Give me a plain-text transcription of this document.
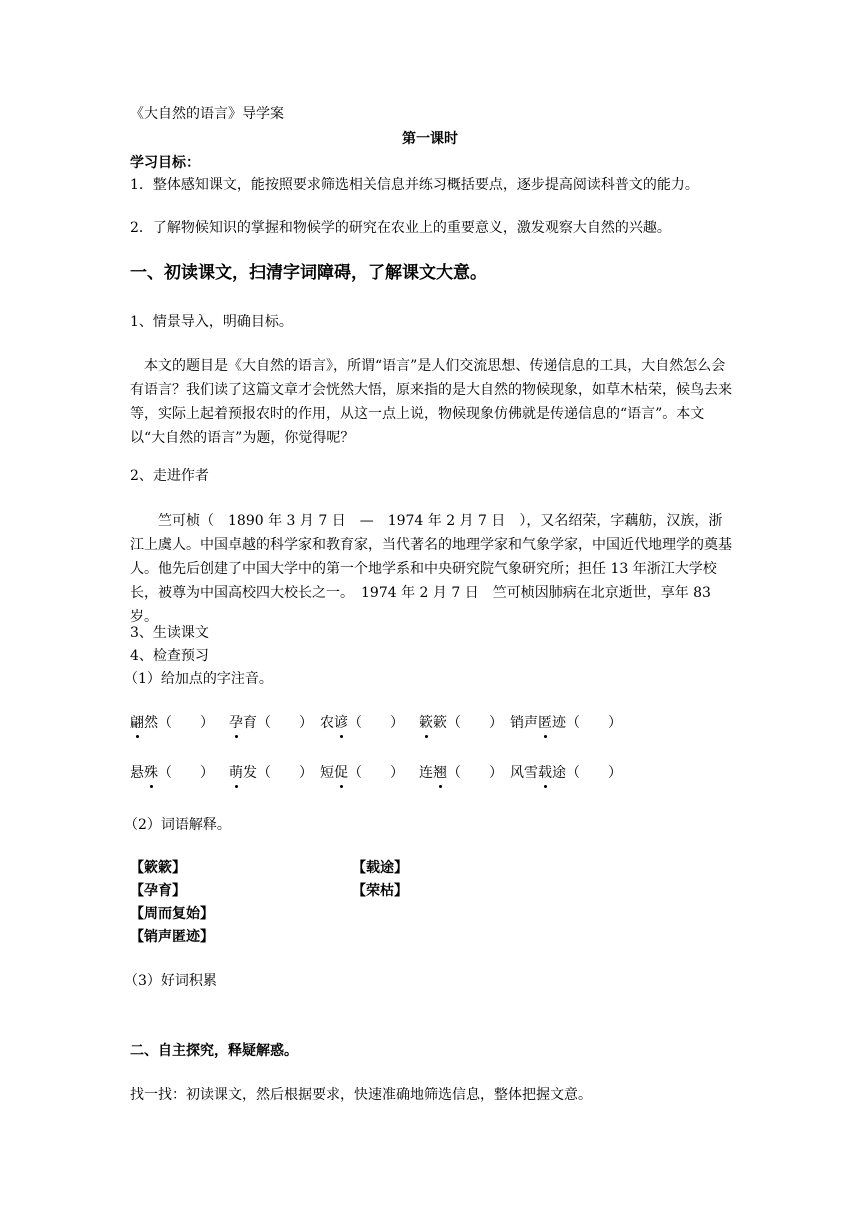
《大自然的语言》导学案
第一课时
学习目标：
1．整体感知课文，能按照要求筛选相关信息并练习概括要点，逐步提高阅读科普文的能力。
2．了解物候知识的掌握和物候学的研究在农业上的重要意义，激发观察大自然的兴趣。
一、初读课文，扫清字词障碍，了解课文大意。
1、情景导入，明确目标。
本文的题目是《大自然的语言》，所谓“语言”是人们交流思想、传递信息的工具，大自然怎么会有语言？我们读了这篇文章才会恍然大悟，原来指的是大自然的物候现象，如草木枯荣，候鸟去来等，实际上起着预报农时的作用，从这一点上说，物候现象仿佛就是传递信息的“语言”。本文以“大自然的语言”为题，你觉得呢？
2、走进作者
竺可桢（　1890 年 3 月 7 日　—　1974 年 2 月 7 日　），又名绍荣，字藕舫，汉族，浙江上虞人。中国卓越的科学家和教育家，当代著名的地理学家和气象学家，中国近代地理学的奠基人。他先后创建了中国大学中的第一个地学系和中央研究院气象研究所；担任 13 年浙江大学校长，被尊为中国高校四大校长之一。　1974 年 2 月 7 日　竺可桢因肺病在北京逝世，享年 83 岁。
3、生读课文
4、检查预习
（1）给加点的字注音。
翩然（　　） 孕育（　　） 农谚（　　） 簌簌（　　） 销声匿迹（　　）
悬殊（　　） 萌发（　　） 短促（　　） 连翘（　　） 风雪载途（　　）
（2）词语解释。
【簌簌】
【孕育】
【周而复始】
【销声匿迹】
【载途】
【荣枯】
（3）好词积累
二、自主探究，释疑解惑。
找一找：初读课文，然后根据要求，快速准确地筛选信息，整体把握文意。
